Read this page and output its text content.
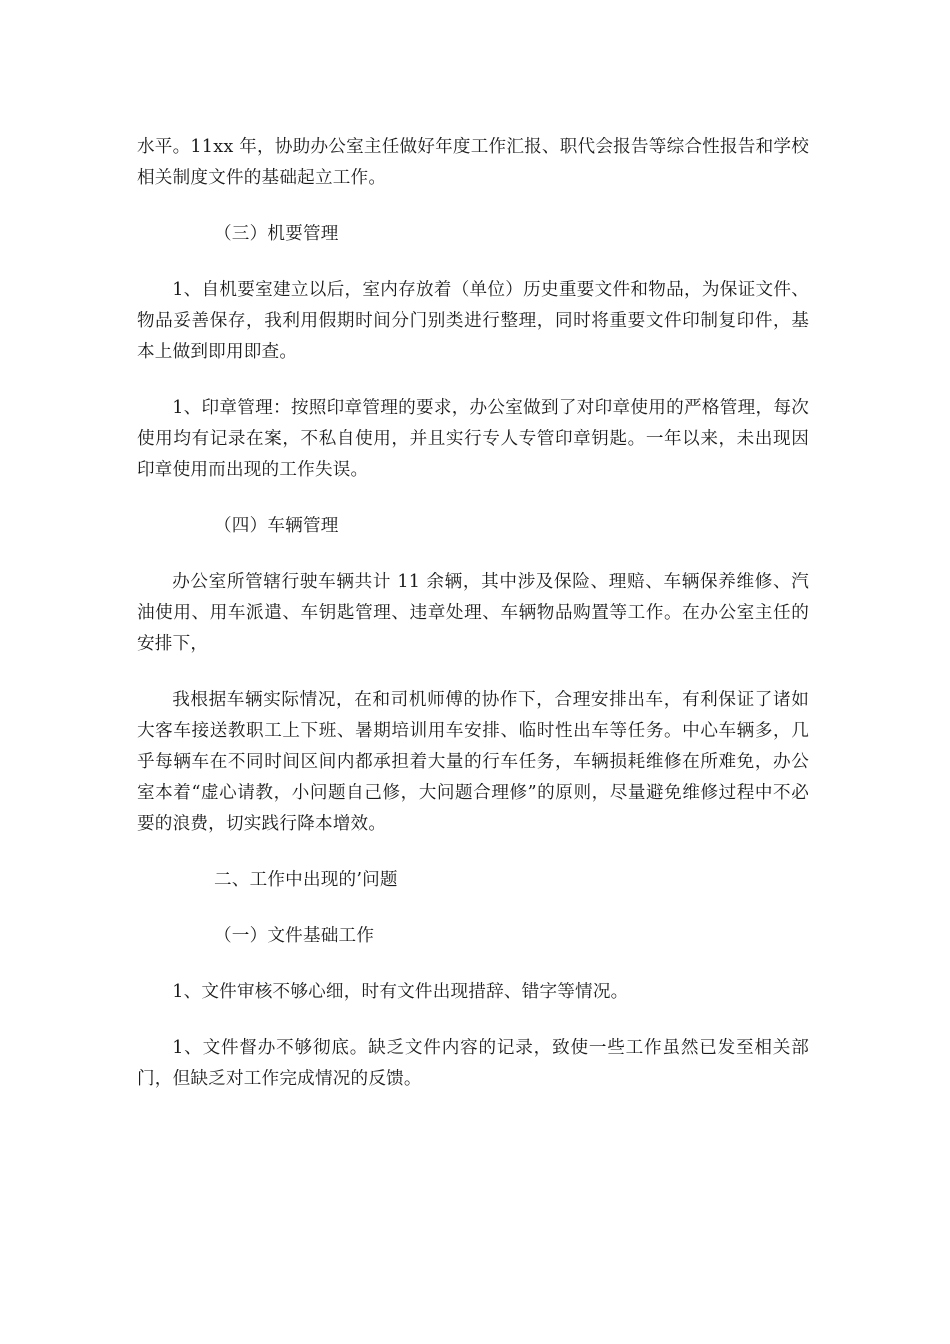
水平。11xx 年，协助办公室主任做好年度工作汇报、职代会报告等综合性报告和学校相关制度文件的基础起立工作。

（三）机要管理

1、自机要室建立以后，室内存放着（单位）历史重要文件和物品，为保证文件、物品妥善保存，我利用假期时间分门别类进行整理，同时将重要文件印制复印件，基本上做到即用即查。

1、印章管理：按照印章管理的要求，办公室做到了对印章使用的严格管理，每次使用均有记录在案，不私自使用，并且实行专人专管印章钥匙。一年以来，未出现因印章使用而出现的工作失误。

（四）车辆管理

办公室所管辖行驶车辆共计 11 余辆，其中涉及保险、理赔、车辆保养维修、汽油使用、用车派遣、车钥匙管理、违章处理、车辆物品购置等工作。在办公室主任的安排下，

我根据车辆实际情况，在和司机师傅的协作下，合理安排出车，有利保证了诸如大客车接送教职工上下班、暑期培训用车安排、临时性出车等任务。中心车辆多，几乎每辆车在不同时间区间内都承担着大量的行车任务，车辆损耗维修在所难免，办公室本着“虚心请教，小问题自己修，大问题合理修”的原则，尽量避免维修过程中不必要的浪费，切实践行降本增效。

二、工作中出现的’问题

（一）文件基础工作

1、文件审核不够心细，时有文件出现措辞、错字等情况。

1、文件督办不够彻底。缺乏文件内容的记录，致使一些工作虽然已发至相关部门，但缺乏对工作完成情况的反馈。
